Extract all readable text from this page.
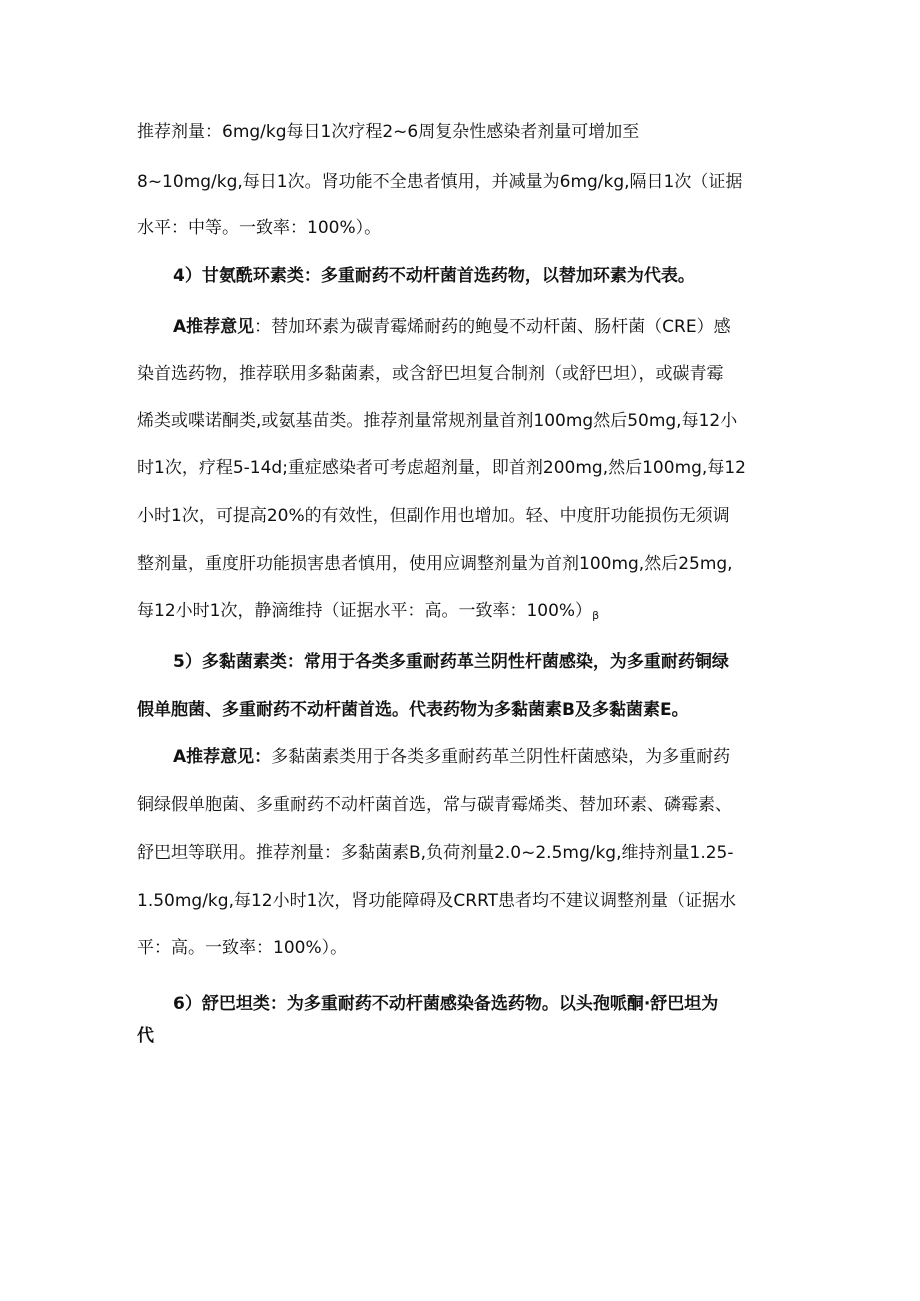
推荐剂量：6mg/kg每日1次疗程2~6周复杂性感染者剂量可增加至
8~10mg/kg,每日1次。肾功能不全患者慎用，并减量为6mg/kg,隔日1次（证据
水平：中等。一致率：100%）。
4）甘氨酰环素类：多重耐药不动杆菌首选药物，以替加环素为代表。
A推荐意见：替加环素为碳青霉烯耐药的鲍曼不动杆菌、肠杆菌（CRE）感
染首选药物，推荐联用多黏菌素，或含舒巴坦复合制剂（或舒巴坦），或碳青霉
烯类或喋诺酮类,或氨基苗类。推荐剂量常规剂量首剂100mg然后50mg,每12小
时1次，疗程5-14d;重症感染者可考虑超剂量，即首剂200mg,然后100mg,每12
小时1次，可提高20%的有效性，但副作用也增加。轻、中度肝功能损伤无须调
整剂量，重度肝功能损害患者慎用，使用应调整剂量为首剂100mg,然后25mg,
每12小时1次，静滴维持（证据水平：高。一致率：$100\%)_\beta$
5）多黏菌素类：常用于各类多重耐药革兰阴性杆菌感染，为多重耐药铜绿
假单胞菌、多重耐药不动杆菌首选。代表药物为多黏菌素B及多黏菌素E。
A推荐意见：多黏菌素类用于各类多重耐药革兰阴性杆菌感染，为多重耐药
铜绿假单胞菌、多重耐药不动杆菌首选，常与碳青霉烯类、替加环素、磷霉素、
舒巴坦等联用。推荐剂量：多黏菌素B,负荷剂量2.0~2.5mg/kg,维持剂量1.25-
1.50mg/kg,每12小时1次，肾功能障碍及CRRT患者均不建议调整剂量（证据水
平：高。一致率：100%）。
6）舒巴坦类：为多重耐药不动杆菌感染备选药物。以头孢哌酮·舒巴坦为
代
